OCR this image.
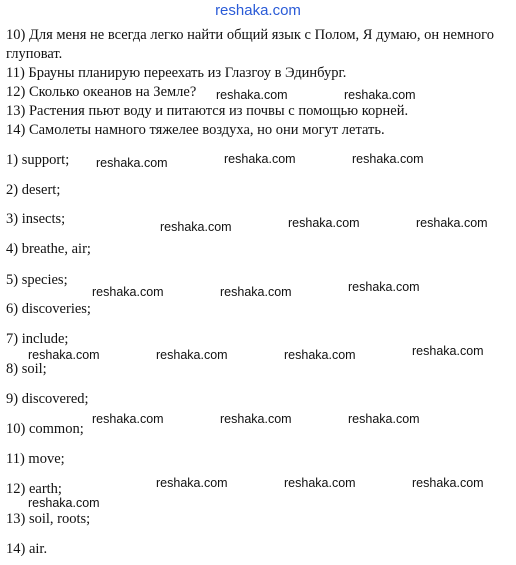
reshaka.com

10) Для меня не всегда легко найти общий язык с Полом, Я думаю, он немного глуповат.

11) Брауны планирую переехать из Глазгоу в Эдинбург.

12) Сколько океанов на Земле?

13) Растения пьют воду и питаются из почвы с помощью корней.

14) Самолеты намного тяжелее воздуха, но они могут летать.

1) support;
2) desert;
3) insects;
4) breathe, air;
5) species;
6) discoveries;
7) include;
8) soil;
9) discovered;
10) common;
11) move;
12) earth;
13) soil, roots;
14) air.
reshaka.com	reshaka.com
reshaka.com	reshaka.com	reshaka.com
reshaka.com	reshaka.com	reshaka.com
reshaka.com	reshaka.com	reshaka.com
reshaka.com	reshaka.com	reshaka.com	reshaka.com
reshaka.com	reshaka.com	reshaka.com
reshaka.com	reshaka.com	reshaka.com
reshaka.com
